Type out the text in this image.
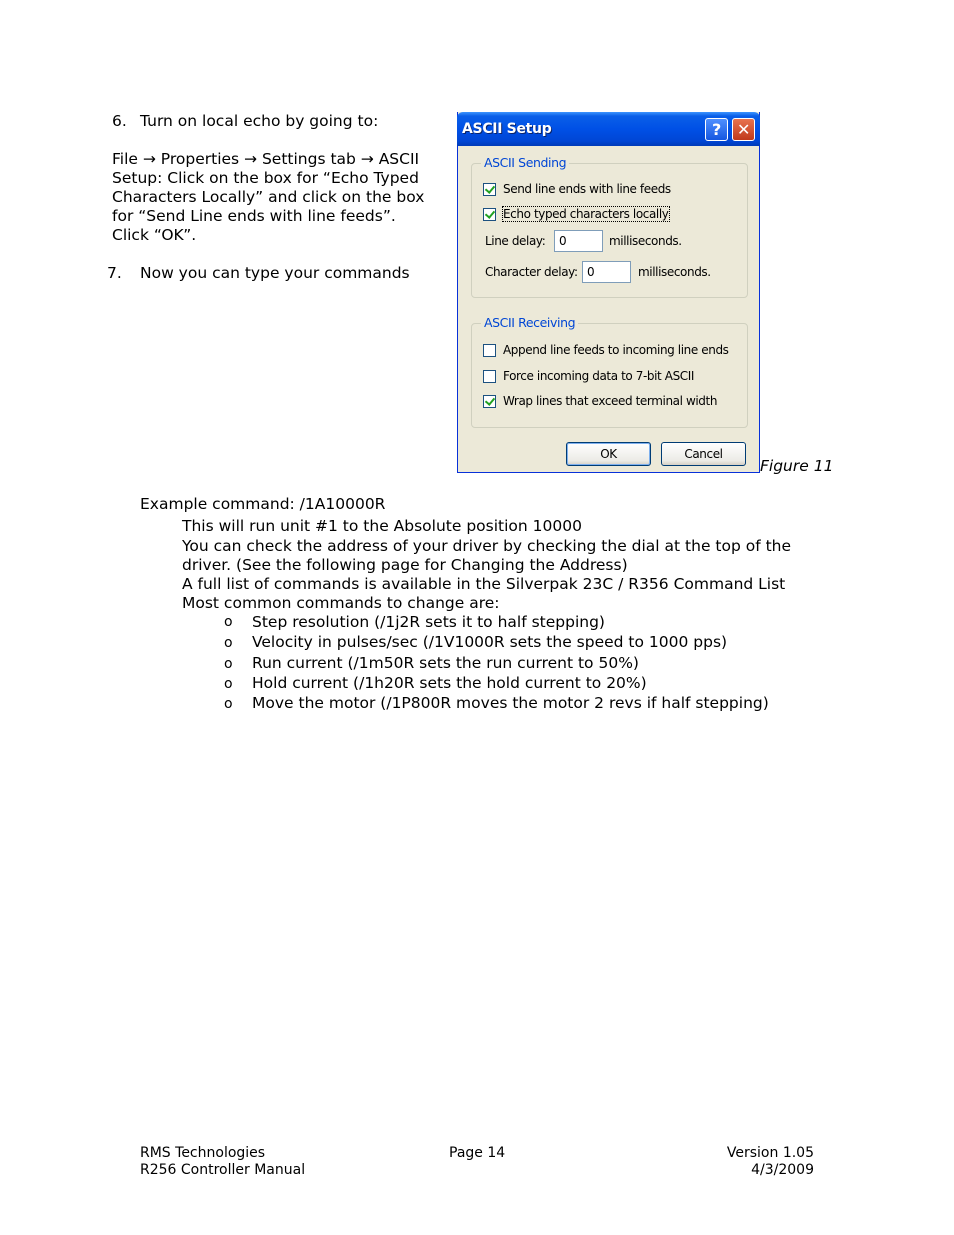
6. Turn on local echo by going to:
File → Properties → Settings tab → ASCII
Setup: Click on the box for “Echo Typed
Characters Locally” and click on the box
for “Send Line ends with line feeds”.
Click “OK”.
7. Now you can type your commands
ASCII Setup	?	✕
ASCII Sending
Send line ends with line feeds
Echo typed characters locally
Line delay:	0	milliseconds.
Character delay: 0	milliseconds.
ASCII Receiving
Append line feeds to incoming line ends
Force incoming data to 7-bit ASCII
Wrap lines that exceed terminal width
OK	Cancel
Figure 11
Example command: /1A10000R
This will run unit #1 to the Absolute position 10000
You can check the address of your driver by checking the dial at the top of the
driver. (See the following page for Changing the Address)
A full list of commands is available in the Silverpak 23C / R356 Command List
Most common commands to change are:
o Step resolution (/1j2R sets it to half stepping)
o Velocity in pulses/sec (/1V1000R sets the speed to 1000 pps)
o Run current (/1m50R sets the run current to 50%)
o Hold current (/1h20R sets the hold current to 20%)
o Move the motor (/1P800R moves the motor 2 revs if half stepping)
RMS Technologies
R256 Controller Manual
Page 14	Version 1.05
4/3/2009
